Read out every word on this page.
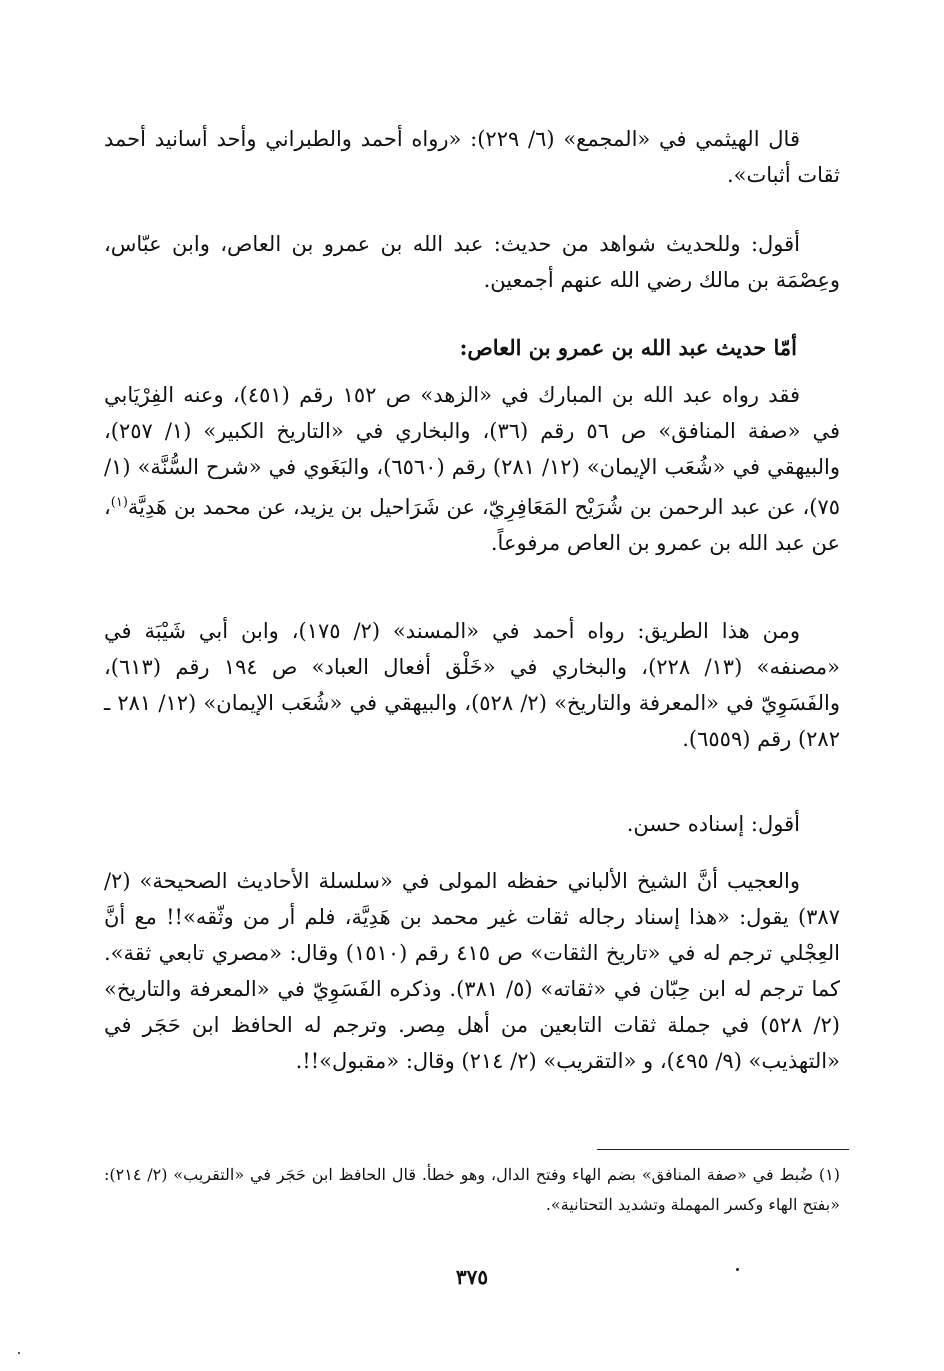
قال الهيثمي في «المجمع» (٦/ ٢٢٩): «رواه أحمد والطبراني وأحد أسانيد أحمد ثقات أثبات».

أقول: وللحديث شواهد من حديث: عبد الله بن عمرو بن العاص، وابن عبّاس، وعِصْمَة بن مالك رضي الله عنهم أجمعين.

أمّا حديث عبد الله بن عمرو بن العاص:

فقد رواه عبد الله بن المبارك في «الزهد» ص ١٥٢ رقم (٤٥١)، وعنه الفِرْيَابي في «صفة المنافق» ص ٥٦ رقم (٣٦)، والبخاري في «التاريخ الكبير» (١/ ٢٥٧)، والبيهقي في «شُعَب الإيمان» (١٢/ ٢٨١) رقم (٦٥٦٠)، والبَغَوي في «شرح السُّنَّة» (١/ ٧٥)، عن عبد الرحمن بن شُرَيْح المَعَافِرِيّ، عن شَرَاحيل بن يزيد، عن محمد بن هَدِيَّة$^{(١)}$، عن عبد الله بن عمرو بن العاص مرفوعاً.

ومن هذا الطريق: رواه أحمد في «المسند» (٢/ ١٧٥)، وابن أبي شَيْبَة في «مصنفه» (١٣/ ٢٢٨)، والبخاري في «خَلْق أفعال العباد» ص ١٩٤ رقم (٦١٣)، والفَسَوِيّ في «المعرفة والتاريخ» (٢/ ٥٢٨)، والبيهقي في «شُعَب الإيمان» (١٢/ ٢٨١ ـ ٢٨٢) رقم (٦٥٥٩).

أقول: إسناده حسن.

والعجيب أنَّ الشيخ الألباني حفظه المولى في «سلسلة الأحاديث الصحيحة» (٢/ ٣٨٧) يقول: «هذا إسناد رجاله ثقات غير محمد بن هَدِيَّة، فلم أر من وثّقه»!! مع أنَّ العِجْلي ترجم له في «تاريخ الثقات» ص ٤١٥ رقم (١٥١٠) وقال: «مصري تابعي ثقة». كما ترجم له ابن حِبّان في «ثقاته» (٥/ ٣٨١). وذكره الفَسَوِيّ في «المعرفة والتاريخ» (٢/ ٥٢٨) في جملة ثقات التابعين من أهل مِصر. وترجم له الحافظ ابن حَجَر في «التهذيب» (٩/ ٤٩٥)، و «التقريب» (٢/ ٢١٤) وقال: «مقبول»!!.

(١) ضُبط في «صفة المنافق» بضم الهاء وفتح الدال، وهو خطأ. قال الحافظ ابن حَجَر في «التقريب» (٢/ ٢١٤): «بفتح الهاء وكسر المهملة وتشديد التحتانية».

٣٧٥
